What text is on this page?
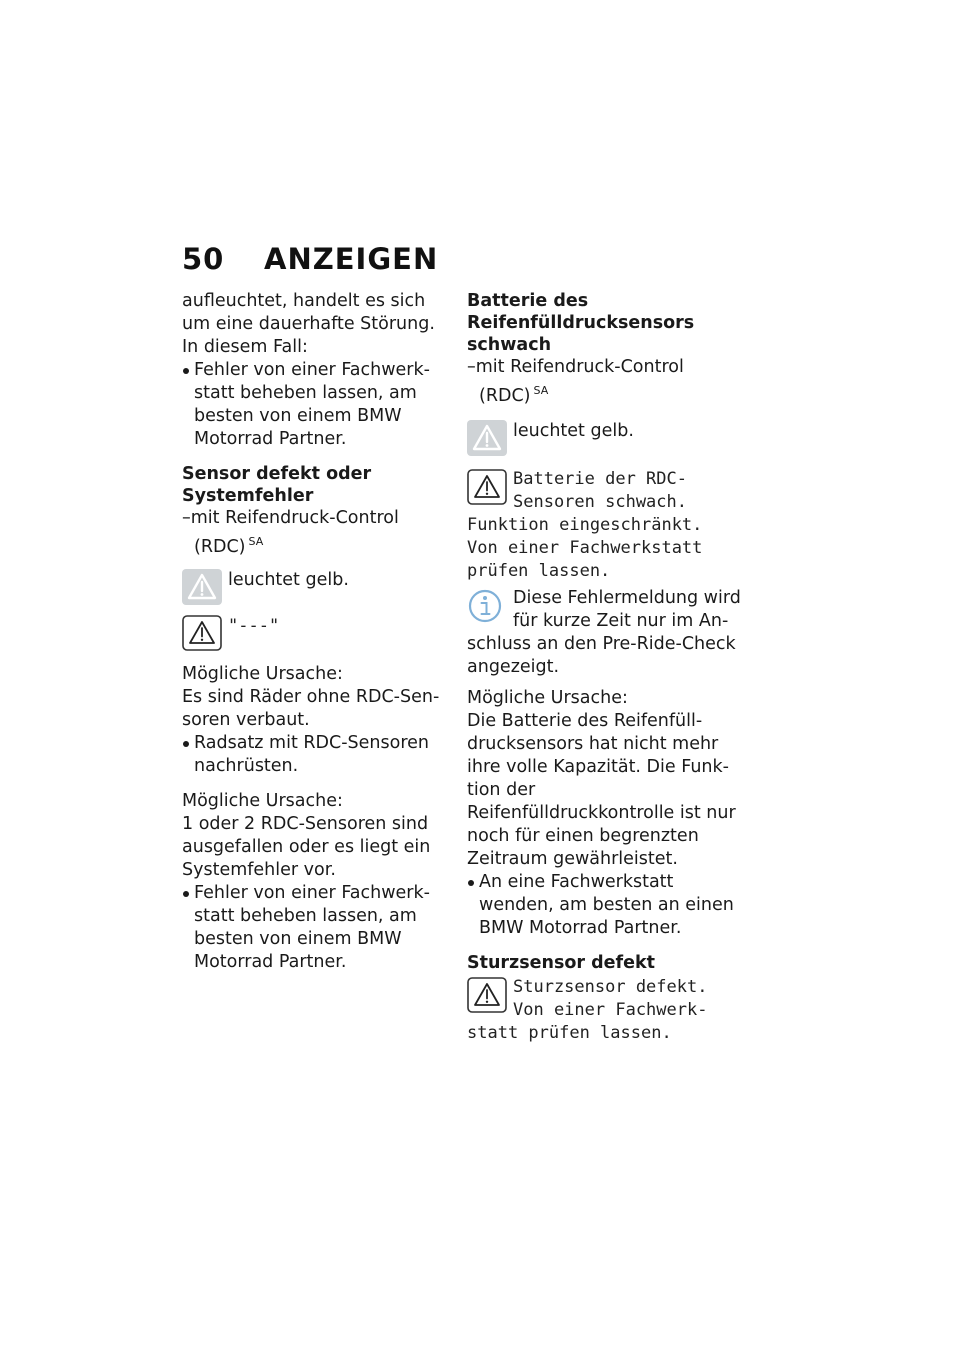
50 ANZEIGEN

aufleuchtet, handelt es sich um eine dauerhafte Störung.

In diesem Fall:

Fehler von einer Fachwerkstatt beheben lassen, am besten von einem BMW Motorrad Partner.

Sensor defekt oder Systemfehler

–mit Reifendruck-Control (RDC) $^{SA}$

leuchtet gelb.
"---"

Mögliche Ursache:

Es sind Räder ohne RDC-Sensoren verbaut.

Radsatz mit RDC-Sensoren nachrüsten.

Mögliche Ursache:

1 oder 2 RDC-Sensoren sind ausgefallen oder es liegt ein Systemfehler vor.

Fehler von einer Fachwerkstatt beheben lassen, am besten von einem BMW Motorrad Partner.

Batterie des Reifenfülldrucksensors schwach

–mit Reifendruck-Control (RDC) $^{SA}$

leuchtet gelb.
Batterie der RDC-Sensoren schwach. Funktion eingeschränkt. Von einer Fachwerkstatt prüfen lassen.
Diese Fehlermeldung wird für kurze Zeit nur im Anschluss an den Pre-Ride-Check angezeigt.

Mögliche Ursache:

Die Batterie des Reifenfülldrucksensors hat nicht mehr ihre volle Kapazität. Die Funktion der Reifenfülldruckkontrolle ist nur noch für einen begrenzten Zeitraum gewährleistet.

An eine Fachwerkstatt wenden, am besten an einen BMW Motorrad Partner.

Sturzsensor defekt

Sturzsensor defekt. Von einer Fachwerkstatt prüfen lassen.
